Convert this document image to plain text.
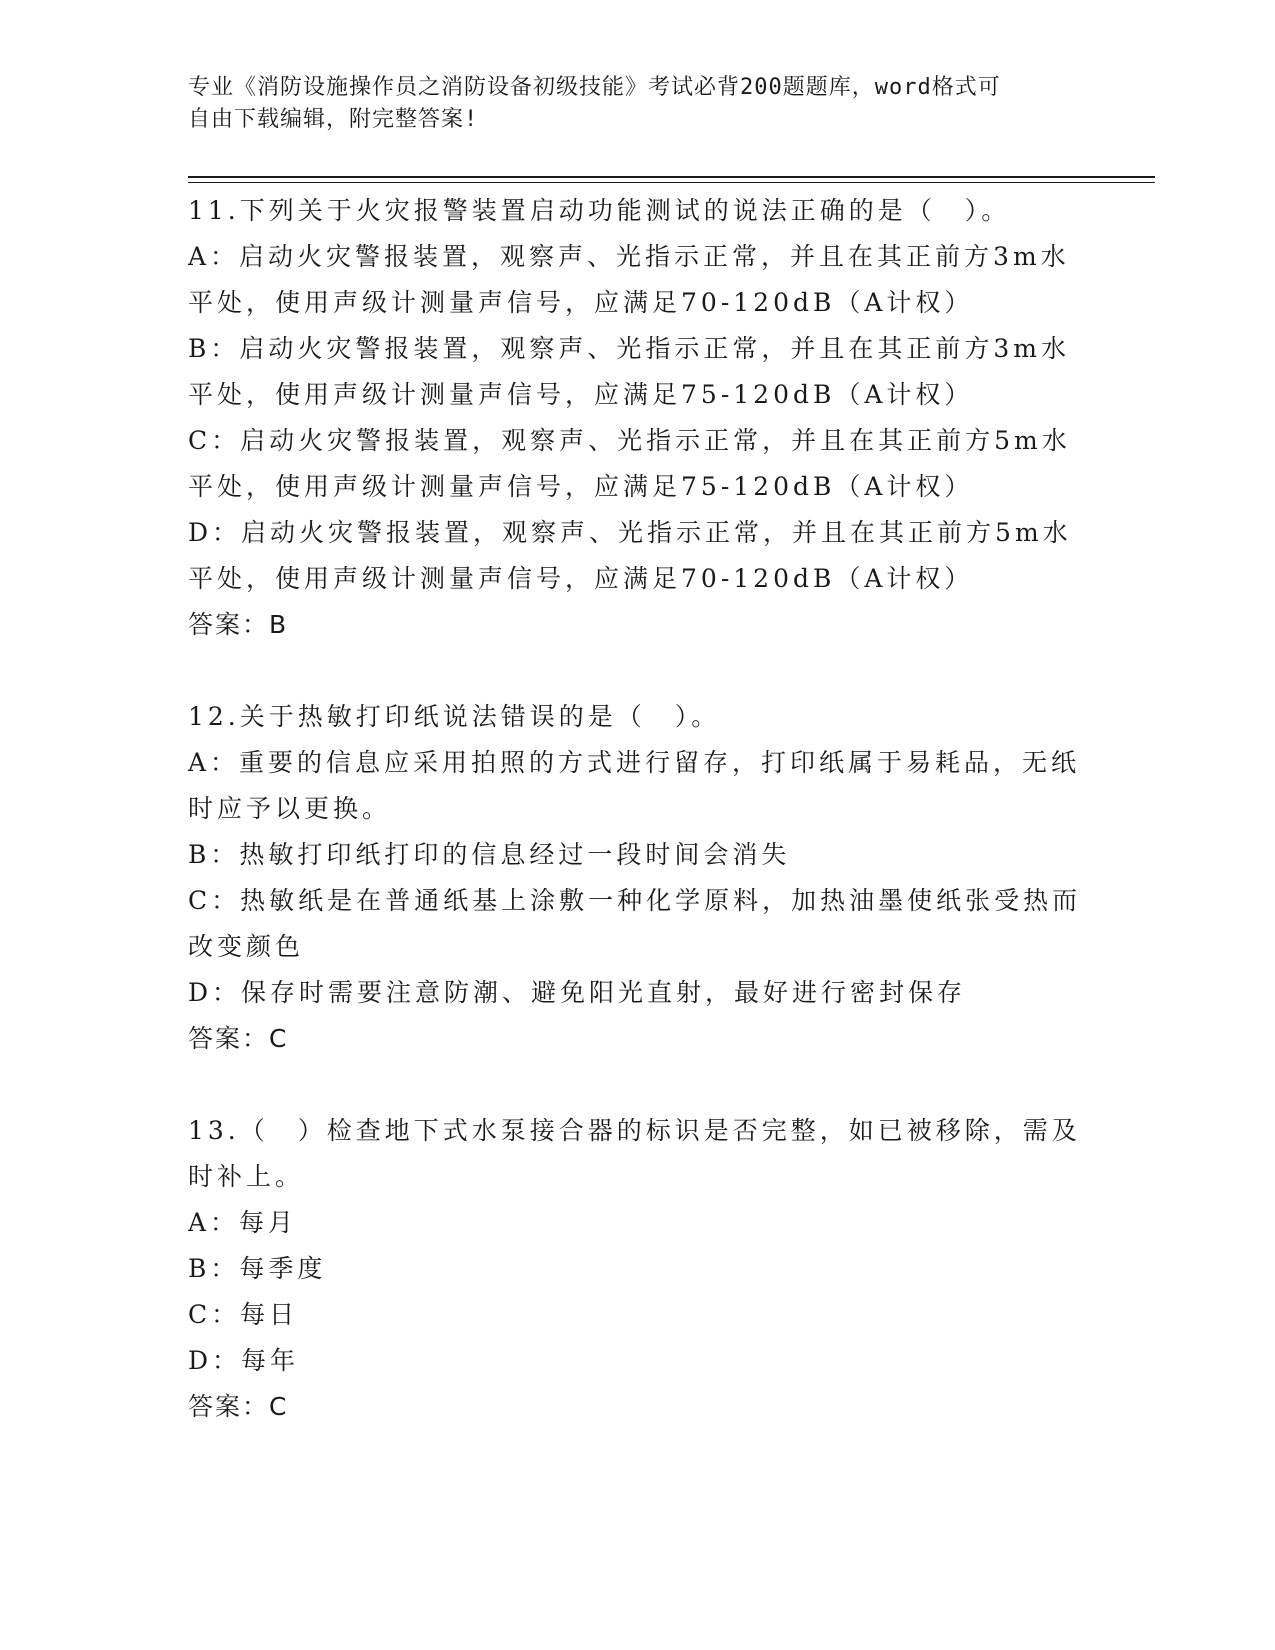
专业《消防设施操作员之消防设备初级技能》考试必背200题题库，word格式可
自由下载编辑，附完整答案!

11.下列关于火灾报警装置启动功能测试的说法正确的是（　）。

A：启动火灾警报装置，观察声、光指示正常，并且在其正前方3m水平处，使用声级计测量声信号，应满足70-120dB（A计权）

B：启动火灾警报装置，观察声、光指示正常，并且在其正前方3m水平处，使用声级计测量声信号，应满足75-120dB（A计权）

C：启动火灾警报装置，观察声、光指示正常，并且在其正前方5m水平处，使用声级计测量声信号，应满足75-120dB（A计权）

D：启动火灾警报装置，观察声、光指示正常，并且在其正前方5m水平处，使用声级计测量声信号，应满足70-120dB（A计权）

答案：B

12.关于热敏打印纸说法错误的是（　）。

A：重要的信息应采用拍照的方式进行留存，打印纸属于易耗品，无纸时应予以更换。

B：热敏打印纸打印的信息经过一段时间会消失

C：热敏纸是在普通纸基上涂敷一种化学原料，加热油墨使纸张受热而改变颜色

D：保存时需要注意防潮、避免阳光直射，最好进行密封保存

答案：C

13.（　）检查地下式水泵接合器的标识是否完整，如已被移除，需及时补上。

A：每月

B：每季度

C：每日

D：每年

答案：C
